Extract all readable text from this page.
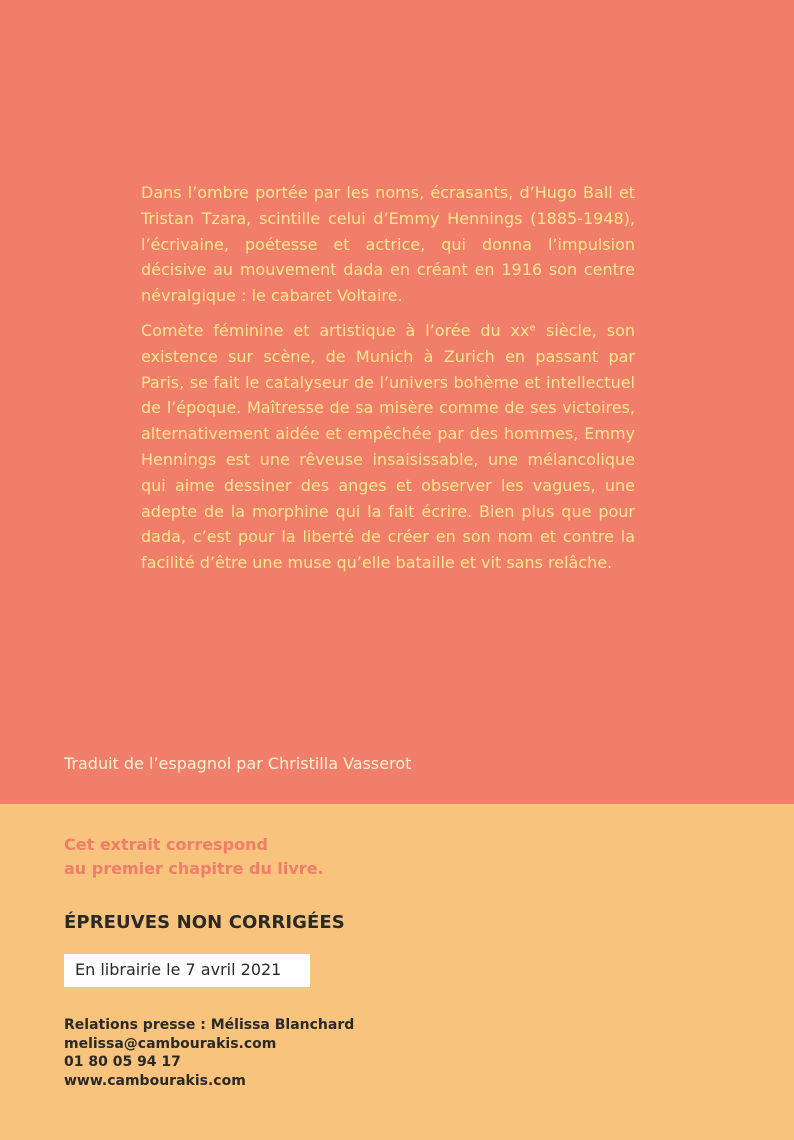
Dans l’ombre portée par les noms, écrasants, d’Hugo Ball et Tristan Tzara, scintille celui d’Emmy Hennings (1885-1948), l’écrivaine, poétesse et actrice, qui donna l’impulsion décisive au mouvement dada en créant en 1916 son centre névralgique : le cabaret Voltaire.

Comète féminine et artistique à l’orée du xxᵉ siècle, son existence sur scène, de Munich à Zurich en passant par Paris, se fait le catalyseur de l’univers bohème et intellectuel de l’époque. Maîtresse de sa misère comme de ses victoires, alternativement aidée et empêchée par des hommes, Emmy Hennings est une rêveuse insaisissable, une mélancolique qui aime dessiner des anges et observer les vagues, une adepte de la morphine qui la fait écrire. Bien plus que pour dada, c’est pour la liberté de créer en son nom et contre la facilité d’être une muse qu’elle bataille et vit sans relâche.

Traduit de l’espagnol par Christilla Vasserot
Cet extrait correspond
au premier chapitre du livre.
ÉPREUVES NON CORRIGÉES
En librairie le 7 avril 2021
Relations presse : Mélissa Blanchard
melissa@cambourakis.com
01 80 05 94 17
www.cambourakis.com
